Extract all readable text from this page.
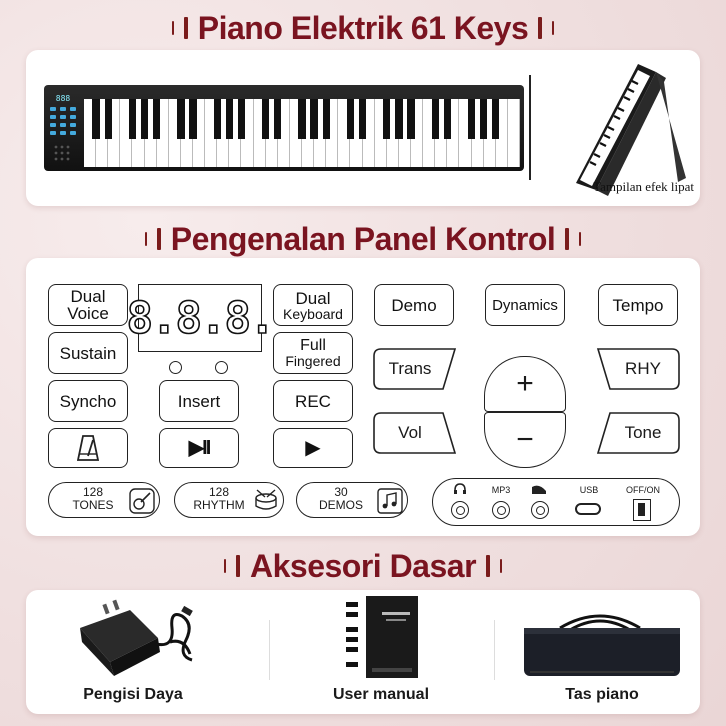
Piano Elektrik 61 Keys
888
Tampilan efek lipat
Pengenalan Panel Kontrol
Dual
Voice
Sustain
Syncho
8.8.8.
Insert
▶II
Dual
Keyboard
Full
Fingered
REC
▶
Demo	Dynamics	Tempo
Trans
Vol
RHY
Tone
+
−
128
TONES
128
RHYTHM
30
DEMOS
MP3	USB	OFF/ON
Aksesori Dasar
Pengisi Daya	User manual	Tas piano
